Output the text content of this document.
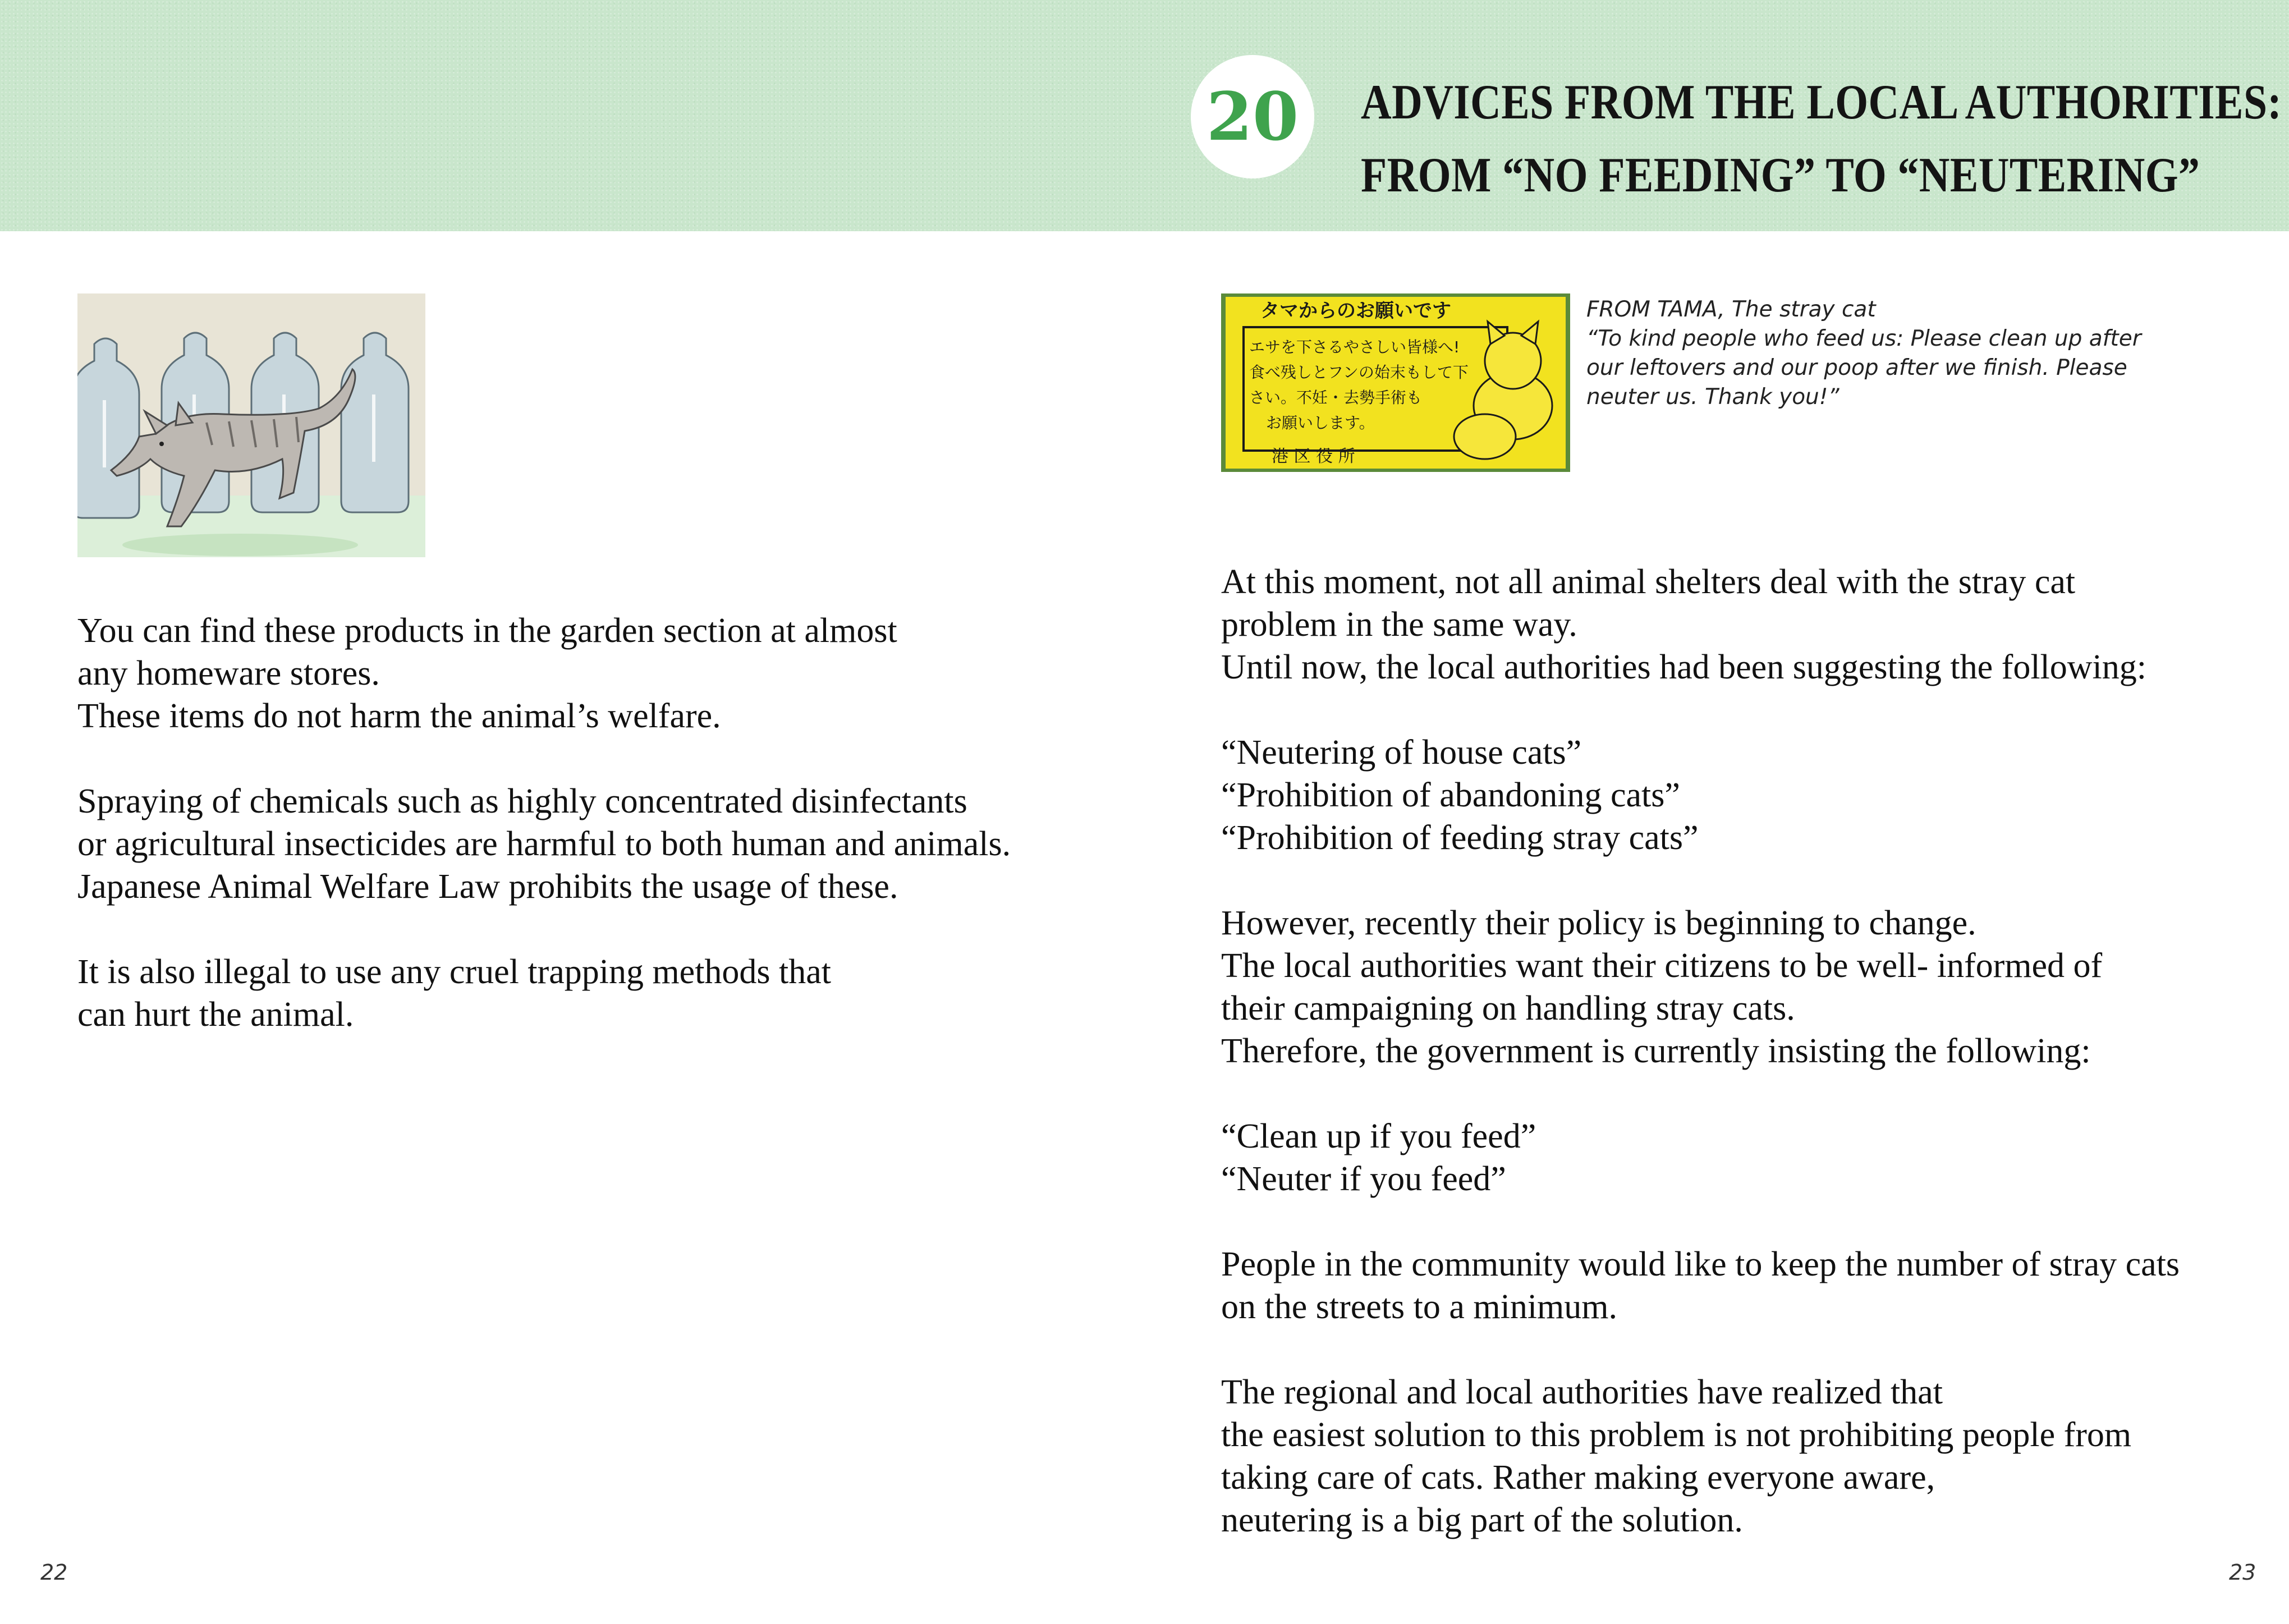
20 ADVICES FROM THE LOCAL AUTHORITIES:
FROM “NO FEEDING” TO “NEUTERING”
タマからのお願いです
エサを下さるやさしい皆様へ!
食べ残しとフンの始末もして下
さい。不妊・去勢手術も
お願いします。
港 区 役 所
FROM TAMA, The stray cat
“To kind people who feed us: Please clean up after
our leftovers and our poop after we finish. Please
neuter us. Thank you!”
You can find these products in the garden section at almost
any homeware stores.
These items do not harm the animal’s welfare.
Spraying of chemicals such as highly concentrated disinfectants
or agricultural insecticides are harmful to both human and animals.
Japanese Animal Welfare Law prohibits the usage of these.
It is also illegal to use any cruel trapping methods that
can hurt the animal.
At this moment, not all animal shelters deal with the stray cat
problem in the same way.
Until now, the local authorities had been suggesting the following:
“Neutering of house cats”
“Prohibition of abandoning cats”
“Prohibition of feeding stray cats”
However, recently their policy is beginning to change.
The local authorities want their citizens to be well- informed of
their campaigning on handling stray cats.
Therefore, the government is currently insisting the following:
“Clean up if you feed”
“Neuter if you feed”
People in the community would like to keep the number of stray cats
on the streets to a minimum.
The regional and local authorities have realized that
the easiest solution to this problem is not prohibiting people from
taking care of cats. Rather making everyone aware,
neutering is a big part of the solution.
22	23
